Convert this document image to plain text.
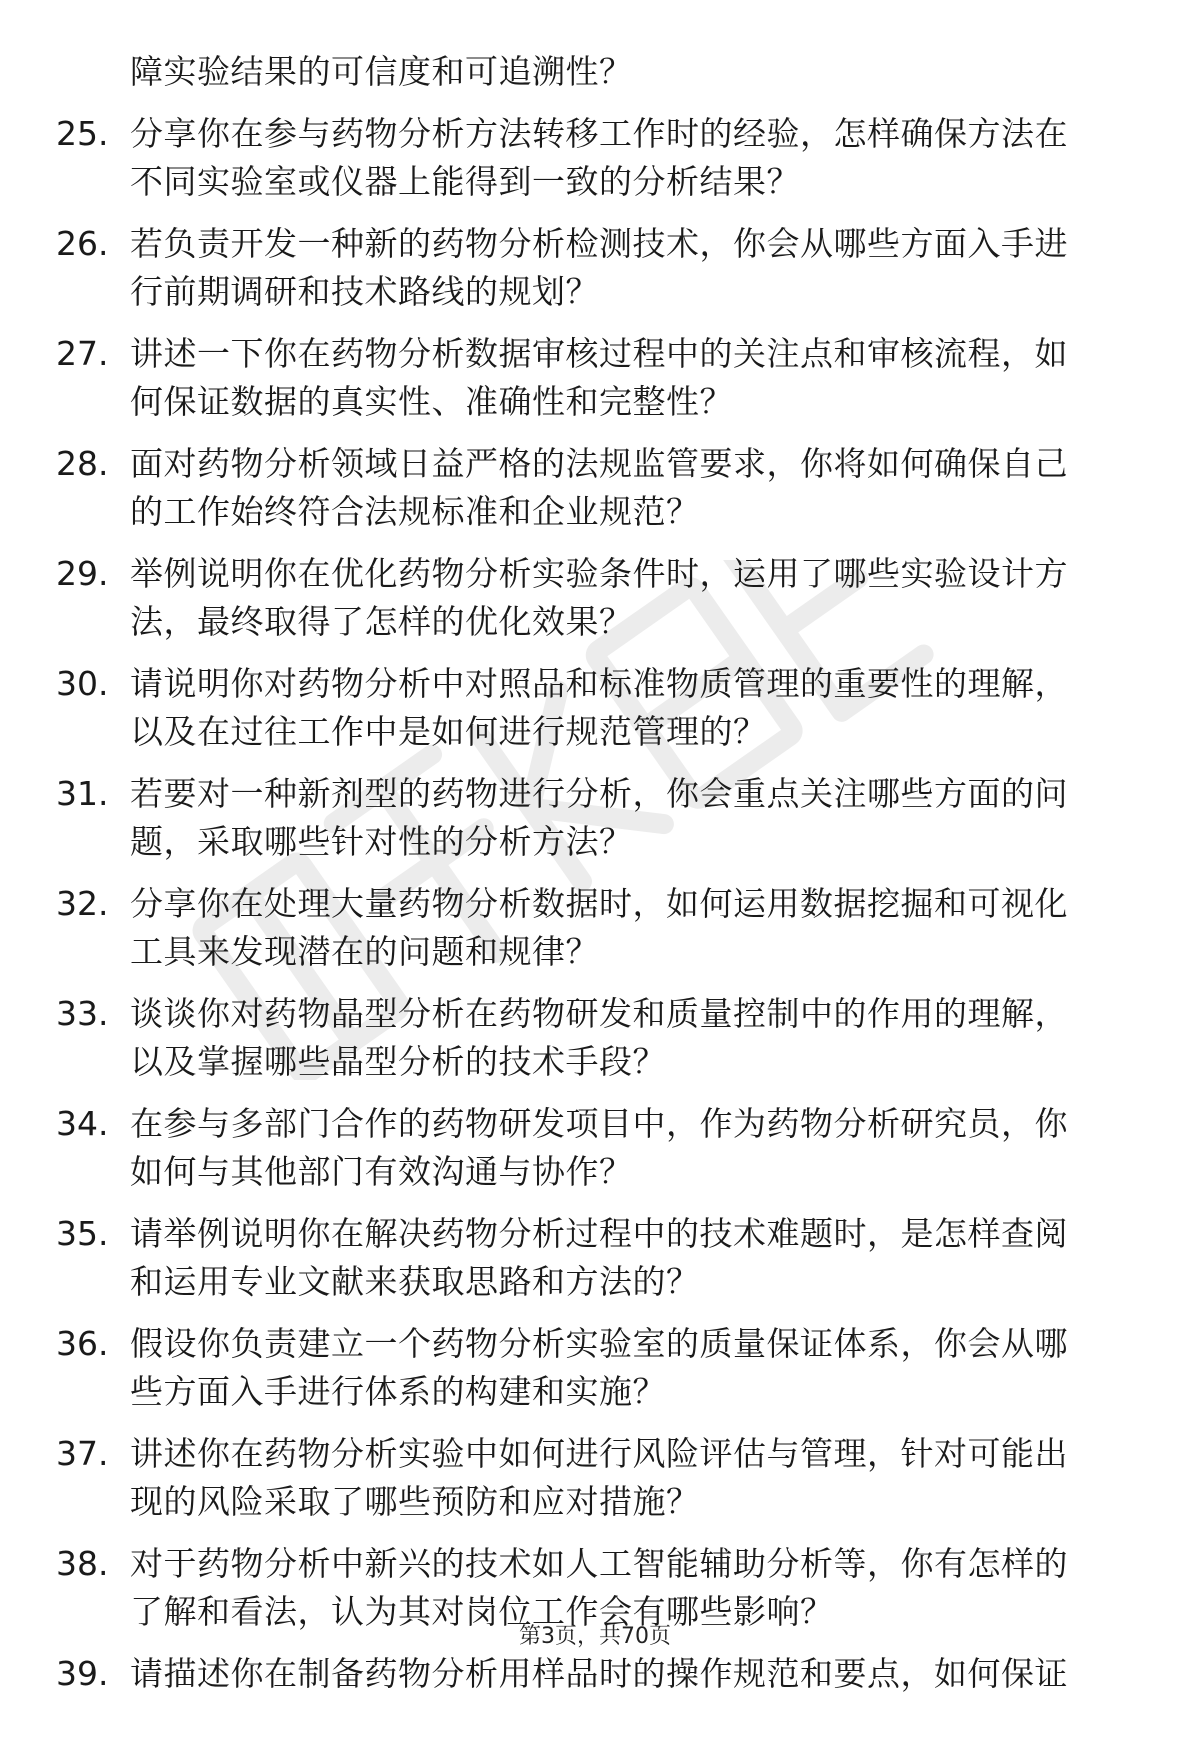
障实验结果的可信度和可追溯性？
25. 分享你在参与药物分析方法转移工作时的经验，怎样确保方法在
不同实验室或仪器上能得到一致的分析结果？
26. 若负责开发一种新的药物分析检测技术，你会从哪些方面入手进
行前期调研和技术路线的规划？
27. 讲述一下你在药物分析数据审核过程中的关注点和审核流程，如
何保证数据的真实性、准确性和完整性？
28. 面对药物分析领域日益严格的法规监管要求，你将如何确保自己
的工作始终符合法规标准和企业规范？
29. 举例说明你在优化药物分析实验条件时，运用了哪些实验设计方
法，最终取得了怎样的优化效果？
30. 请说明你对药物分析中对照品和标准物质管理的重要性的理解，
以及在过往工作中是如何进行规范管理的？
31. 若要对一种新剂型的药物进行分析，你会重点关注哪些方面的问
题，采取哪些针对性的分析方法？
32. 分享你在处理大量药物分析数据时，如何运用数据挖掘和可视化
工具来发现潜在的问题和规律？
33. 谈谈你对药物晶型分析在药物研发和质量控制中的作用的理解，
以及掌握哪些晶型分析的技术手段？
34. 在参与多部门合作的药物研发项目中，作为药物分析研究员，你
如何与其他部门有效沟通与协作？
35. 请举例说明你在解决药物分析过程中的技术难题时，是怎样查阅
和运用专业文献来获取思路和方法的？
36. 假设你负责建立一个药物分析实验室的质量保证体系，你会从哪
些方面入手进行体系的构建和实施？
37. 讲述你在药物分析实验中如何进行风险评估与管理，针对可能出
现的风险采取了哪些预防和应对措施？
38. 对于药物分析中新兴的技术如人工智能辅助分析等，你有怎样的
了解和看法，认为其对岗位工作会有哪些影响？
39. 请描述你在制备药物分析用样品时的操作规范和要点，如何保证
第3页，共70页
